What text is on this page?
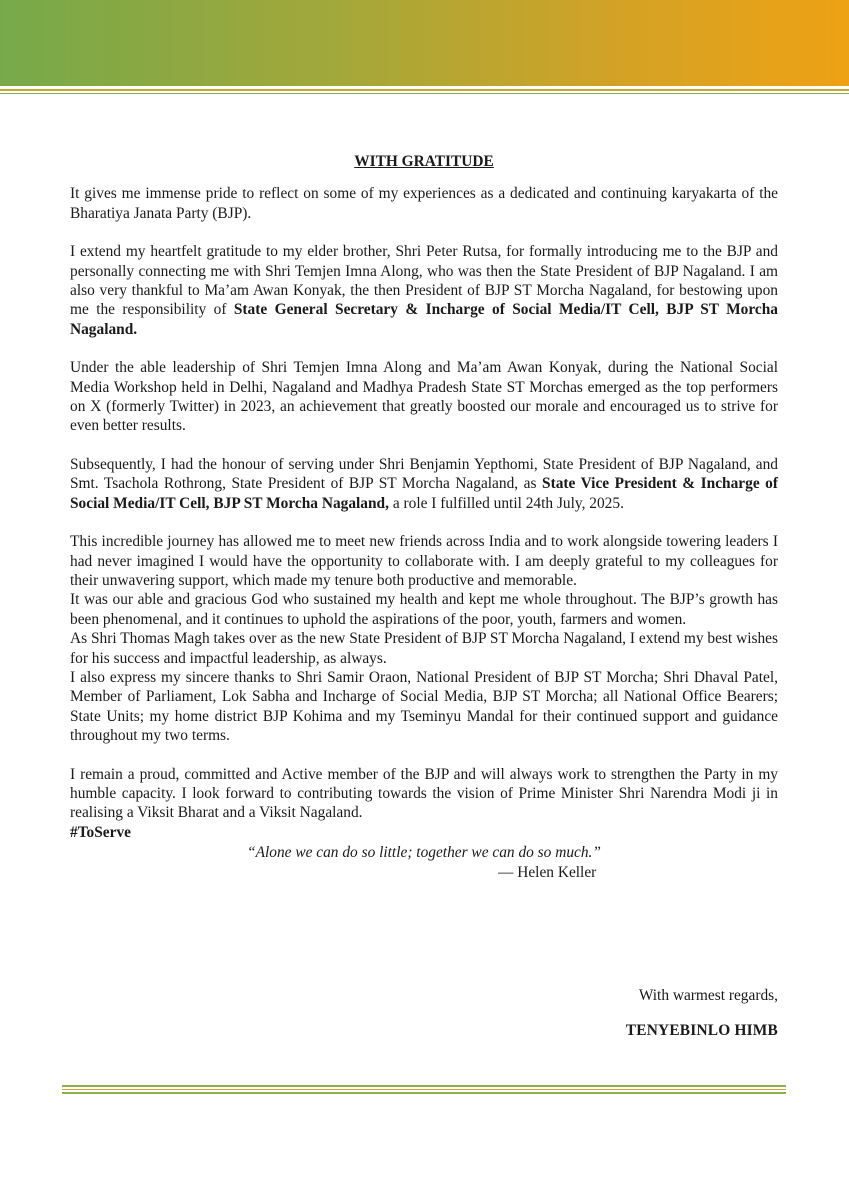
WITH GRATITUDE

It gives me immense pride to reflect on some of my experiences as a dedicated and continuing karyakarta of the Bharatiya Janata Party (BJP).

I extend my heartfelt gratitude to my elder brother, Shri Peter Rutsa, for formally introducing me to the BJP and personally connecting me with Shri Temjen Imna Along, who was then the State President of BJP Nagaland. I am also very thankful to Ma’am Awan Konyak, the then President of BJP ST Morcha Nagaland, for bestowing upon me the responsibility of State General Secretary & Incharge of Social Media/IT Cell, BJP ST Morcha Nagaland.

Under the able leadership of Shri Temjen Imna Along and Ma’am Awan Konyak, during the National Social Media Workshop held in Delhi, Nagaland and Madhya Pradesh State ST Morchas emerged as the top performers on X (formerly Twitter) in 2023, an achievement that greatly boosted our morale and encouraged us to strive for even better results.

Subsequently, I had the honour of serving under Shri Benjamin Yepthomi, State President of BJP Nagaland, and Smt. Tsachola Rothrong, State President of BJP ST Morcha Nagaland, as State Vice President & Incharge of Social Media/IT Cell, BJP ST Morcha Nagaland, a role I fulfilled until 24th July, 2025.

This incredible journey has allowed me to meet new friends across India and to work alongside towering leaders I had never imagined I would have the opportunity to collaborate with. I am deeply grateful to my colleagues for their unwavering support, which made my tenure both productive and memorable.

It was our able and gracious God who sustained my health and kept me whole throughout. The BJP’s growth has been phenomenal, and it continues to uphold the aspirations of the poor, youth, farmers and women.

As Shri Thomas Magh takes over as the new State President of BJP ST Morcha Nagaland, I extend my best wishes for his success and impactful leadership, as always.

I also express my sincere thanks to Shri Samir Oraon, National President of BJP ST Morcha; Shri Dhaval Patel, Member of Parliament, Lok Sabha and Incharge of Social Media, BJP ST Morcha; all National Office Bearers; State Units; my home district BJP Kohima and my Tseminyu Mandal for their continued support and guidance throughout my two terms.

I remain a proud, committed and Active member of the BJP and will always work to strengthen the Party in my humble capacity. I look forward to contributing towards the vision of Prime Minister Shri Narendra Modi ji in realising a Viksit Bharat and a Viksit Nagaland.

#ToServe

“Alone we can do so little; together we can do so much.”

— Helen Keller

With warmest regards,
TENYEBINLO HIMB
